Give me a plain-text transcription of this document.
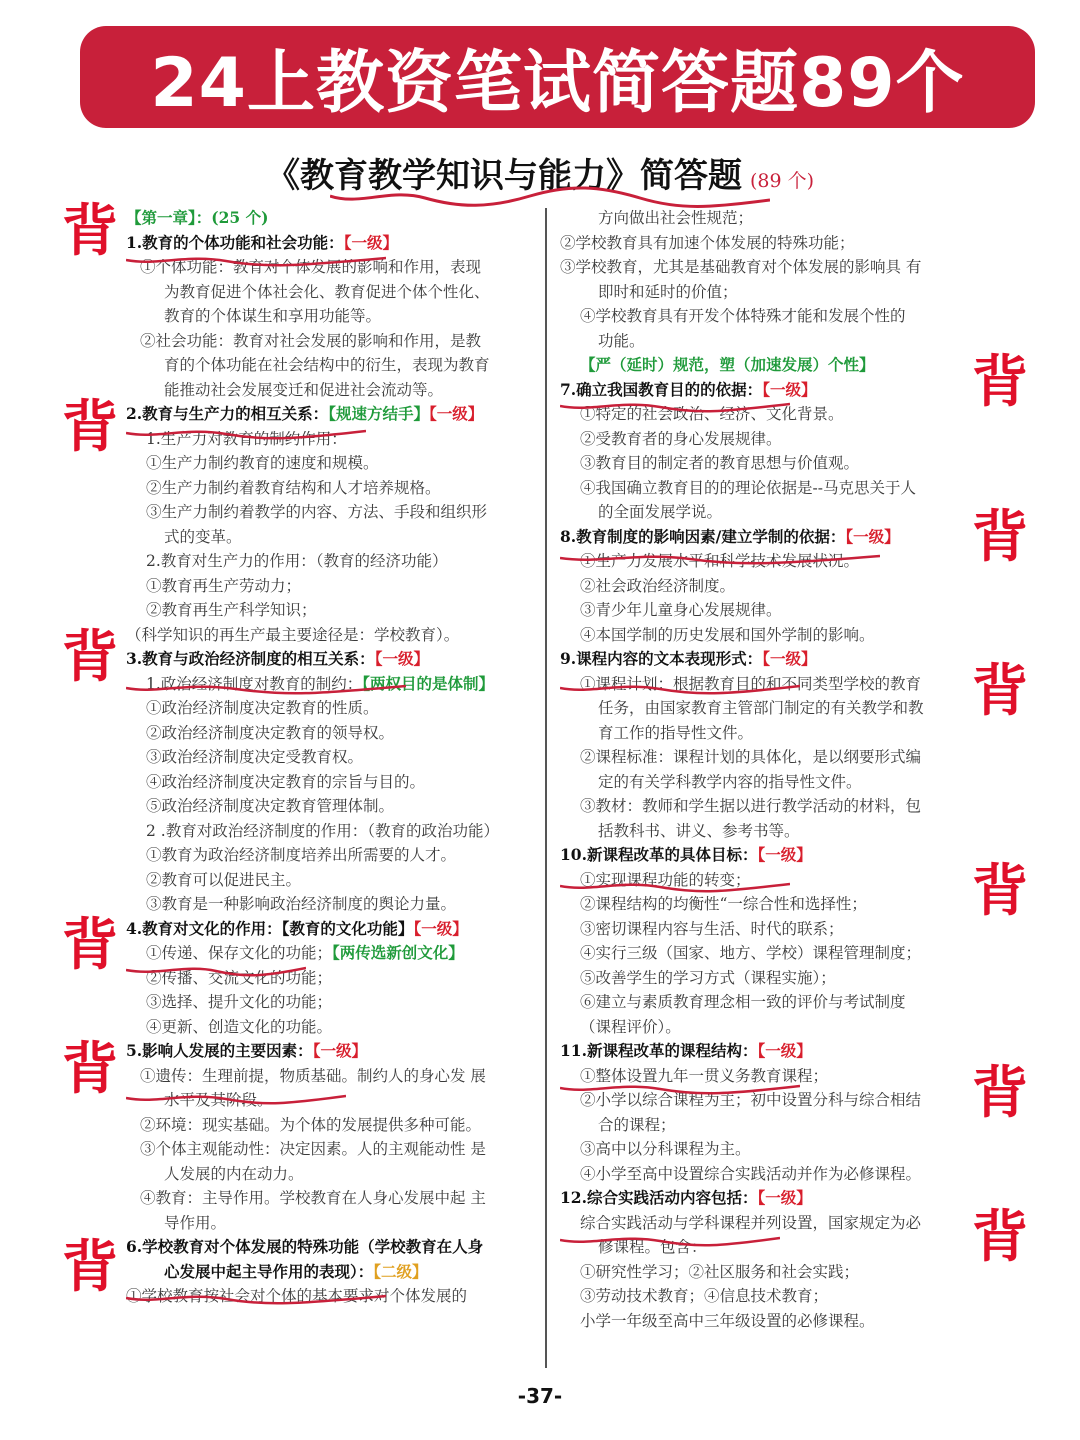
24上教资笔试简答题89个
《教育教学知识与能力》简答题 (89 个)
背
背
背
背
背
背
背
背
背
背
背
背
【第一章】：(25 个)
1.教育的个体功能和社会功能：【一级】
①个体功能：教育对个体发展的影响和作用，表现
为教育促进个体社会化、教育促进个体个性化、
教育的个体谋生和享用功能等。
②社会功能：教育对社会发展的影响和作用，是教
育的个体功能在社会结构中的衍生，表现为教育
能推动社会发展变迁和促进社会流动等。
2.教育与生产力的相互关系：【规速方结手】【一级】
1.生产力对教育的制约作用：
①生产力制约教育的速度和规模。
②生产力制约着教育结构和人才培养规格。
③生产力制约着教学的内容、方法、手段和组织形
式的变革。
2.教育对生产力的作用：（教育的经济功能）
①教育再生产劳动力；
②教育再生产科学知识；
（科学知识的再生产最主要途径是：学校教育）。
3.教育与政治经济制度的相互关系：【一级】
1.政治经济制度对教育的制约：【两权目的是体制】
①政治经济制度决定教育的性质。
②政治经济制度决定教育的领导权。
③政治经济制度决定受教育权。
④政治经济制度决定教育的宗旨与目的。
⑤政治经济制度决定教育管理体制。
2 .教育对政治经济制度的作用：（教育的政治功能）
①教育为政治经济制度培养出所需要的人才。
②教育可以促进民主。
③教育是一种影响政治经济制度的舆论力量。
4.教育对文化的作用：【教育的文化功能】【一级】
①传递、保存文化的功能；【两传选新创文化】
②传播、交流文化的功能；
③选择、提升文化的功能；
④更新、创造文化的功能。
5.影响人发展的主要因素：【一级】
①遗传：生理前提，物质基础。制约人的身心发 展
水平及其阶段。
②环境：现实基础。为个体的发展提供多种可能。
③个体主观能动性：决定因素。人的主观能动性 是
人发展的内在动力。
④教育：主导作用。学校教育在人身心发展中起 主
导作用。
6.学校教育对个体发展的特殊功能（学校教育在人身
心发展中起主导作用的表现）：【二级】
①学校教育按社会对个体的基本要求对个体发展的
方向做出社会性规范；
②学校教育具有加速个体发展的特殊功能；
③学校教育，尤其是基础教育对个体发展的影响具 有
即时和延时的价值；
④学校教育具有开发个体特殊才能和发展个性的
功能。
【严（延时）规范，塑（加速发展）个性】
7.确立我国教育目的的依据：【一级】
①特定的社会政治、经济、文化背景。
②受教育者的身心发展规律。
③教育目的制定者的教育思想与价值观。
④我国确立教育目的的理论依据是--马克思关于人
的全面发展学说。
8.教育制度的影响因素/建立学制的依据：【一级】
①生产力发展水平和科学技术发展状况。
②社会政治经济制度。
③青少年儿童身心发展规律。
④本国学制的历史发展和国外学制的影响。
9.课程内容的文本表现形式：【一级】
①课程计划：根据教育目的和不同类型学校的教育
任务，由国家教育主管部门制定的有关教学和教
育工作的指导性文件。
②课程标准：课程计划的具体化，是以纲要形式编
定的有关学科教学内容的指导性文件。
③教材：教师和学生据以进行教学活动的材料，包
括教科书、讲义、参考书等。
10.新课程改革的具体目标：【一级】
①实现课程功能的转变；
②课程结构的均衡性“一综合性和选择性；
③密切课程内容与生活、时代的联系；
④实行三级（国家、地方、学校）课程管理制度；
⑤改善学生的学习方式（课程实施）；
⑥建立与素质教育理念相一致的评价与考试制度
（课程评价）。
11.新课程改革的课程结构：【一级】
①整体设置九年一贯义务教育课程；
②小学以综合课程为主；初中设置分科与综合相结
合的课程；
③高中以分科课程为主。
④小学至高中设置综合实践活动并作为必修课程。
12.综合实践活动内容包括：【一级】
综合实践活动与学科课程并列设置，国家规定为必
修课程。包含：
①研究性学习；②社区服务和社会实践；
③劳动技术教育；④信息技术教育；
小学一年级至高中三年级设置的必修课程。
-37-
